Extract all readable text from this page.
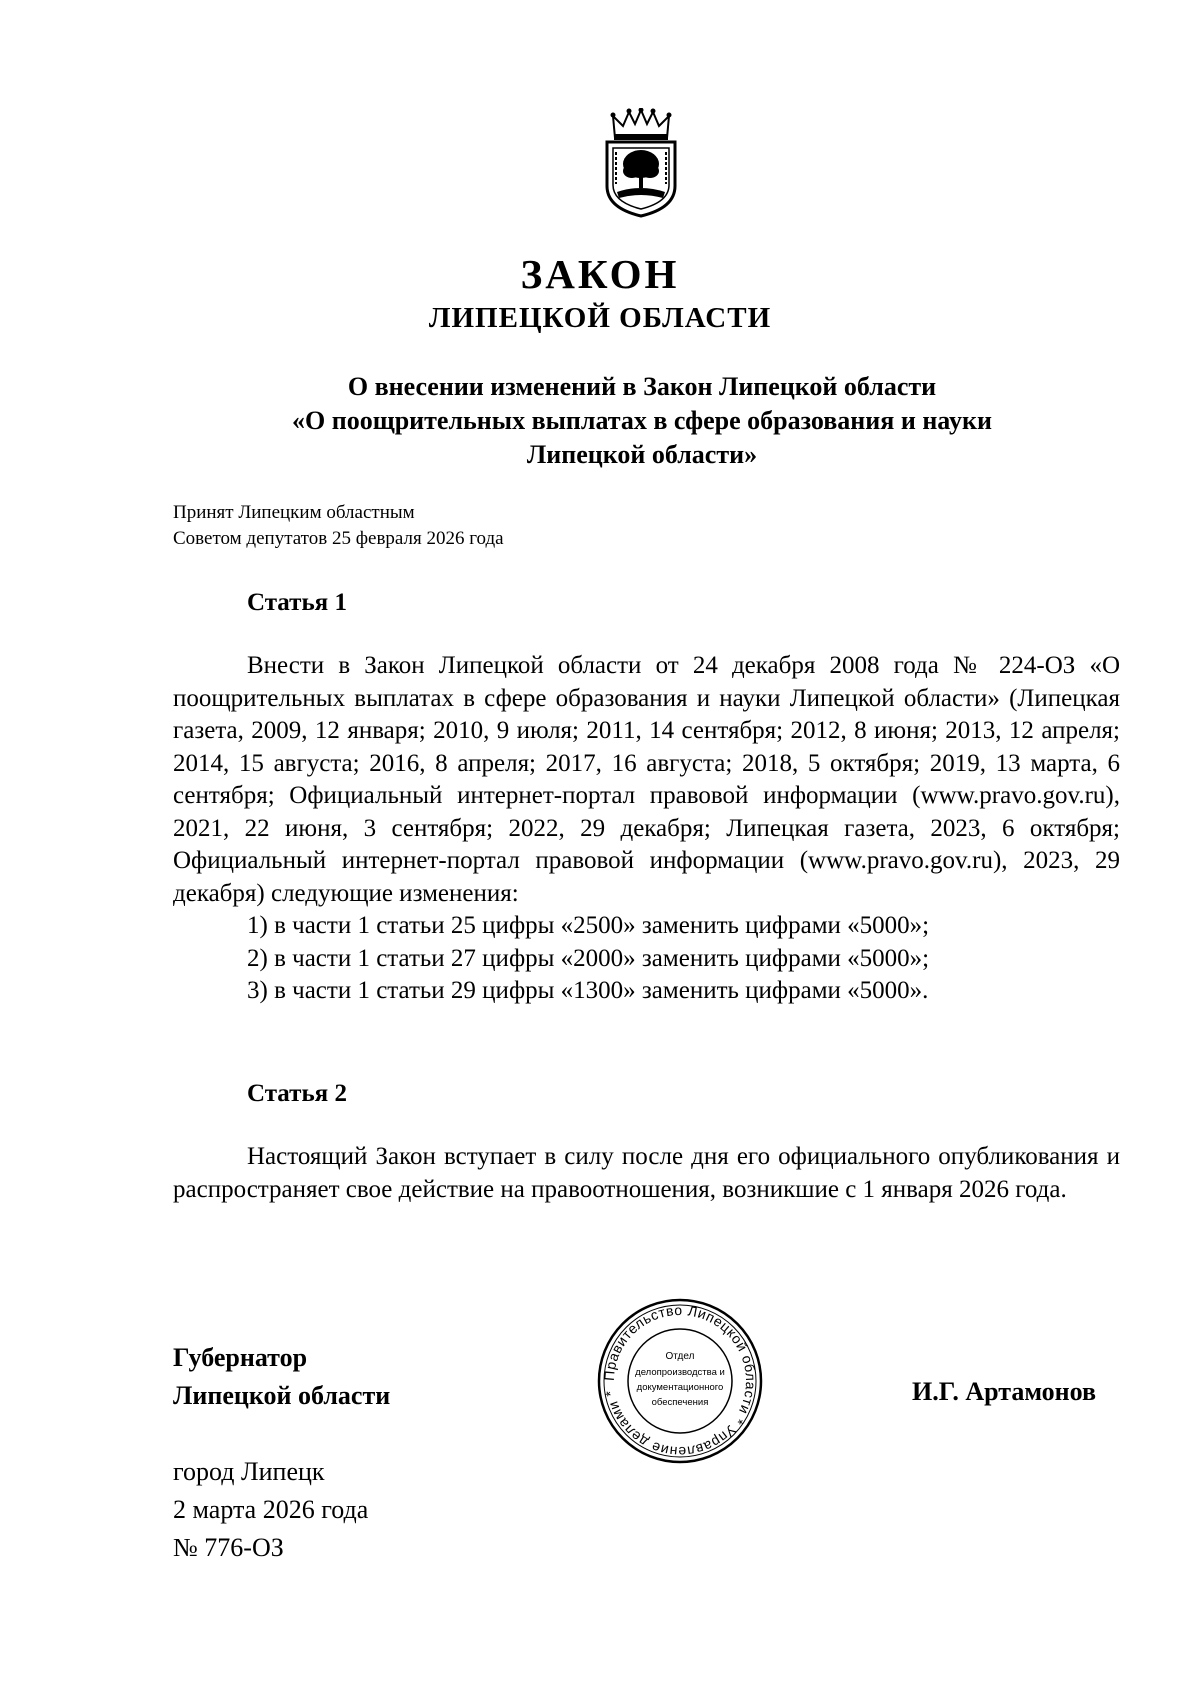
ЗАКОН
ЛИПЕЦКОЙ ОБЛАСТИ
О внесении изменений в Закон Липецкой области
«О поощрительных выплатах в сфере образования и науки
Липецкой области»
Принят Липецким областным
Советом депутатов 25 февраля 2026 года
Статья 1
Внести в Закон Липецкой области от 24 декабря 2008 года № 224-ОЗ «О поощрительных выплатах в сфере образования и науки Липецкой области» (Липецкая газета, 2009, 12 января; 2010, 9 июля; 2011, 14 сентября; 2012, 8 июня; 2013, 12 апреля; 2014, 15 августа; 2016, 8 апреля; 2017, 16 августа; 2018, 5 октября; 2019, 13 марта, 6 сентября; Официальный интернет-портал правовой информации (www.pravo.gov.ru), 2021, 22 июня, 3 сентября; 2022, 29 декабря; Липецкая газета, 2023, 6 октября; Официальный интернет-портал правовой информации (www.pravo.gov.ru), 2023, 29 декабря) следующие изменения:
1) в части 1 статьи 25 цифры «2500» заменить цифрами «5000»;
2) в части 1 статьи 27 цифры «2000» заменить цифрами «5000»;
3) в части 1 статьи 29 цифры «1300» заменить цифрами «5000».
Статья 2
Настоящий Закон вступает в силу после дня его официального опубликования и распространяет свое действие на правоотношения, возникшие с 1 января 2026 года.
Губернатор
Липецкой области
Правительство Липецкой области * Управление делами *
Отдел
делопроизводства и
документационного
обеспечения	И.Г. Артамонов
город Липецк
2 марта 2026 года
№ 776-ОЗ
